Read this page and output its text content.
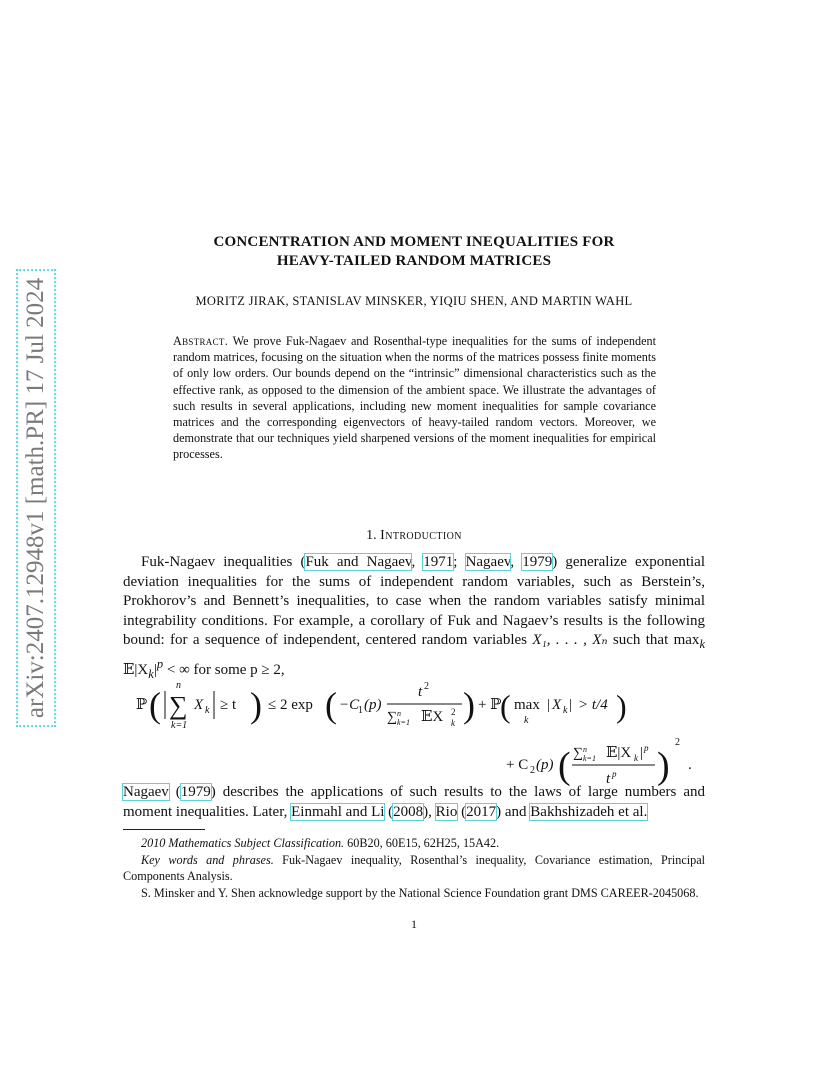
arXiv:2407.12948v1 [math.PR] 17 Jul 2024
CONCENTRATION AND MOMENT INEQUALITIES FOR
HEAVY-TAILED RANDOM MATRICES
MORITZ JIRAK, STANISLAV MINSKER, YIQIU SHEN, AND MARTIN WAHL
Abstract. We prove Fuk-Nagaev and Rosenthal-type inequalities for the sums of independent random matrices, focusing on the situation when the norms of the matrices possess finite moments of only low orders. Our bounds depend on the “intrinsic” dimensional characteristics such as the effective rank, as opposed to the dimension of the ambient space. We illustrate the advantages of such results in several applications, including new moment inequalities for sample covariance matrices and the corresponding eigenvectors of heavy-tailed random vectors. Moreover, we demonstrate that our techniques yield sharpened versions of the moment inequalities for empirical processes.
1. Introduction
Fuk-Nagaev inequalities (Fuk and Nagaev, 1971; Nagaev, 1979) generalize exponential deviation inequalities for the sums of independent random variables, such as Berstein’s, Prokhorov’s and Bennett’s inequalities, to case when the random variables satisfy minimal integrability conditions. For example, a corollary of Fuk and Nagaev’s results is the following bound: for a sequence of independent, centered random variables X₁, . . . , Xₙ such that $\max_k$ $𝔼|X_k|^p$ < ∞ for some p ≥ 2,
ℙ ( n
∑
k=1
X k ≥ t ) ≤ 2 exp ( −C
1 (p)
t 2
∑ n
k=1 𝔼X 2
k ) + ℙ
( max
k
| X k | > t/4 )
+ C 2 (p) ( ∑ n
k=1 𝔼|X k | p
t p )
2
.
Nagaev (1979) describes the applications of such results to the laws of large numbers and moment inequalities. Later, Einmahl and Li (2008), Rio (2017) and Bakhshizadeh et al.

2010 Mathematics Subject Classification. 60B20, 60E15, 62H25, 15A42.

Key words and phrases. Fuk-Nagaev inequality, Rosenthal’s inequality, Covariance estimation, Principal Components Analysis.

S. Minsker and Y. Shen acknowledge support by the National Science Foundation grant DMS CAREER-2045068.

1
